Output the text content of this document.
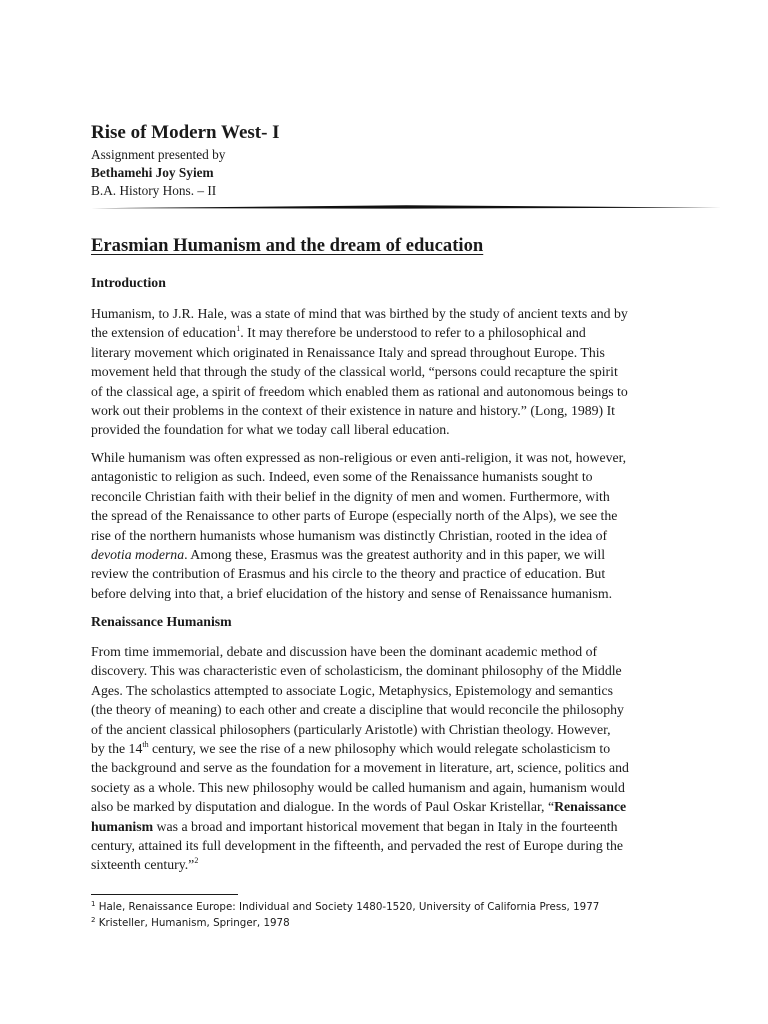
Rise of Modern West- I
Assignment presented by
Bethamehi Joy Syiem
B.A. History Hons. – II
Erasmian Humanism and the dream of education
Introduction
Humanism, to J.R. Hale, was a state of mind that was birthed by the study of ancient texts and by
the extension of education$^1$. It may therefore be understood to refer to a philosophical and
literary movement which originated in Renaissance Italy and spread throughout Europe. This
movement held that through the study of the classical world, “persons could recapture the spirit
of the classical age, a spirit of freedom which enabled them as rational and autonomous beings to
work out their problems in the context of their existence in nature and history.” (Long, 1989) It
provided the foundation for what we today call liberal education.
While humanism was often expressed as non-religious or even anti-religion, it was not, however,
antagonistic to religion as such. Indeed, even some of the Renaissance humanists sought to
reconcile Christian faith with their belief in the dignity of men and women. Furthermore, with
the spread of the Renaissance to other parts of Europe (especially north of the Alps), we see the
rise of the northern humanists whose humanism was distinctly Christian, rooted in the idea of
devotia moderna. Among these, Erasmus was the greatest authority and in this paper, we will
review the contribution of Erasmus and his circle to the theory and practice of education. But
before delving into that, a brief elucidation of the history and sense of Renaissance humanism.
Renaissance Humanism
From time immemorial, debate and discussion have been the dominant academic method of
discovery. This was characteristic even of scholasticism, the dominant philosophy of the Middle
Ages. The scholastics attempted to associate Logic, Metaphysics, Epistemology and semantics
(the theory of meaning) to each other and create a discipline that would reconcile the philosophy
of the ancient classical philosophers (particularly Aristotle) with Christian theology. However,
by the 14th century, we see the rise of a new philosophy which would relegate scholasticism to
the background and serve as the foundation for a movement in literature, art, science, politics and
society as a whole. This new philosophy would be called humanism and again, humanism would
also be marked by disputation and dialogue. In the words of Paul Oskar Kristellar, “Renaissance
humanism was a broad and important historical movement that began in Italy in the fourteenth
century, attained its full development in the fifteenth, and pervaded the rest of Europe during the
sixteenth century.”$^2$
$^1$ Hale, Renaissance Europe: Individual and Society 1480-1520, University of California Press, 1977
$^2$ Kristeller, Humanism, Springer, 1978
